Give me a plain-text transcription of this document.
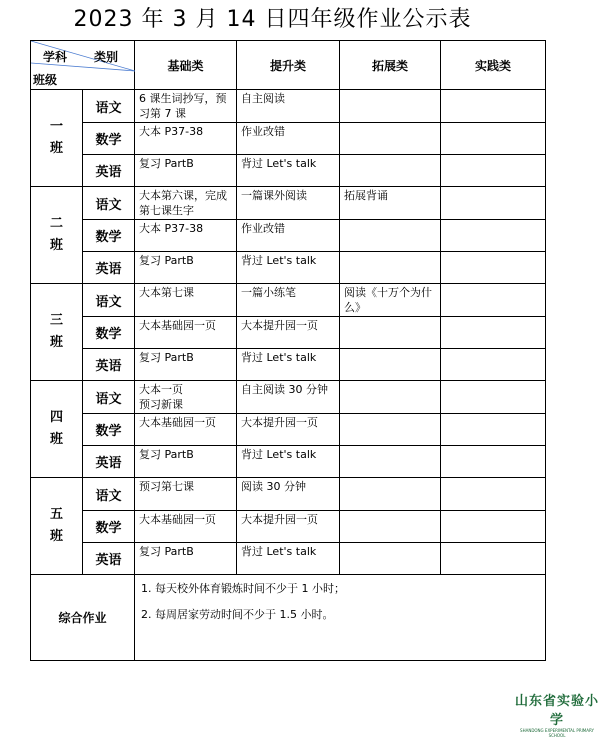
2023 年 3 月 14 日四年级作业公示表
学科 类别
班级		基础类	提升类	拓展类	实践类
一
班	语文	6 课生词抄写，预习第 7 课	自主阅读		
	数学	大本 P37-38	作业改错		
	英语	复习 PartB	背过 Let's talk		
二
班	语文	大本第六课，完成第七课生字	一篇课外阅读	拓展背诵	
	数学	大本 P37-38	作业改错		
	英语	复习 PartB	背过 Let's talk		
三
班	语文	大本第七课	一篇小练笔	阅读《十万个为什么》	
	数学	大本基础园一页	大本提升园一页		
	英语	复习 PartB	背过 Let's talk		
四
班	语文	大本一页
预习新课	自主阅读 30 分钟		
	数学	大本基础园一页	大本提升园一页		
	英语	复习 PartB	背过 Let's talk		
五
班	语文	预习第七课	阅读 30 分钟		
	数学	大本基础园一页	大本提升园一页		
	英语	复习 PartB	背过 Let's talk		
综合作业		1. 每天校外体育锻炼时间不少于 1 小时；

2. 每周居家劳动时间不少于 1.5 小时。			

山东省实验小学
SHANDONG EXPERIMENTAL PRIMARY SCHOOL
